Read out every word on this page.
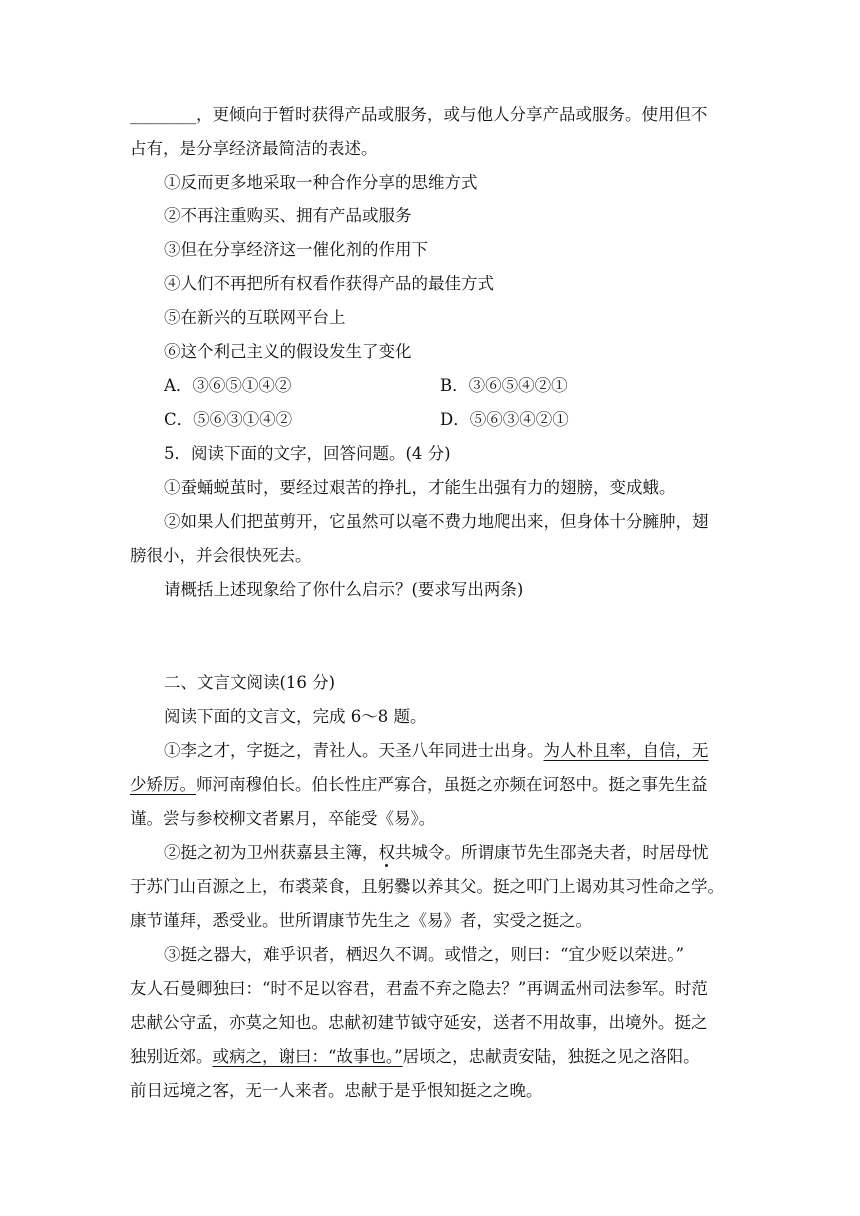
________，更倾向于暂时获得产品或服务，或与他人分享产品或服务。使用但不
占有，是分享经济最简洁的表述。
①反而更多地采取一种合作分享的思维方式
②不再注重购买、拥有产品或服务
③但在分享经济这一催化剂的作用下
④人们不再把所有权看作获得产品的最佳方式
⑤在新兴的互联网平台上
⑥这个利己主义的假设发生了变化
A．③⑥⑤①④②	B．③⑥⑤④②①
C．⑤⑥③①④②	D．⑤⑥③④②①
5．阅读下面的文字，回答问题。(4 分)
①蚕蛹蜕茧时，要经过艰苦的挣扎，才能生出强有力的翅膀，变成蛾。
②如果人们把茧剪开，它虽然可以毫不费力地爬出来，但身体十分臃肿，翅
膀很小，并会很快死去。
请概括上述现象给了你什么启示？(要求写出两条)
二、文言文阅读(16 分)
阅读下面的文言文，完成 6～8 题。
①李之才，字挺之，青社人。天圣八年同进士出身。为人朴且率，自信，无
少矫厉。师河南穆伯长。伯长性庄严寡合，虽挺之亦频在诃怒中。挺之事先生益
谨。尝与参校柳文者累月，卒能受《易》。
②挺之初为卫州获嘉县主簿，权共城令。所谓康节先生邵尧夫者，时居母忧
于苏门山百源之上，布裘菜食，且躬爨以养其父。挺之叩门上谒劝其习性命之学。
康节谨拜，悉受业。世所谓康节先生之《易》者，实受之挺之。
③挺之器大，难乎识者，栖迟久不调。或惜之，则曰：“宜少贬以荣进。”
友人石曼卿独曰：“时不足以容君，君盍不弃之隐去？”再调孟州司法参军。时范
忠献公守孟，亦莫之知也。忠献初建节钺守延安，送者不用故事，出境外。挺之
独别近郊。或病之，谢曰：“故事也。”居顷之，忠献责安陆，独挺之见之洛阳。
前日远境之客，无一人来者。忠献于是乎恨知挺之之晚。
